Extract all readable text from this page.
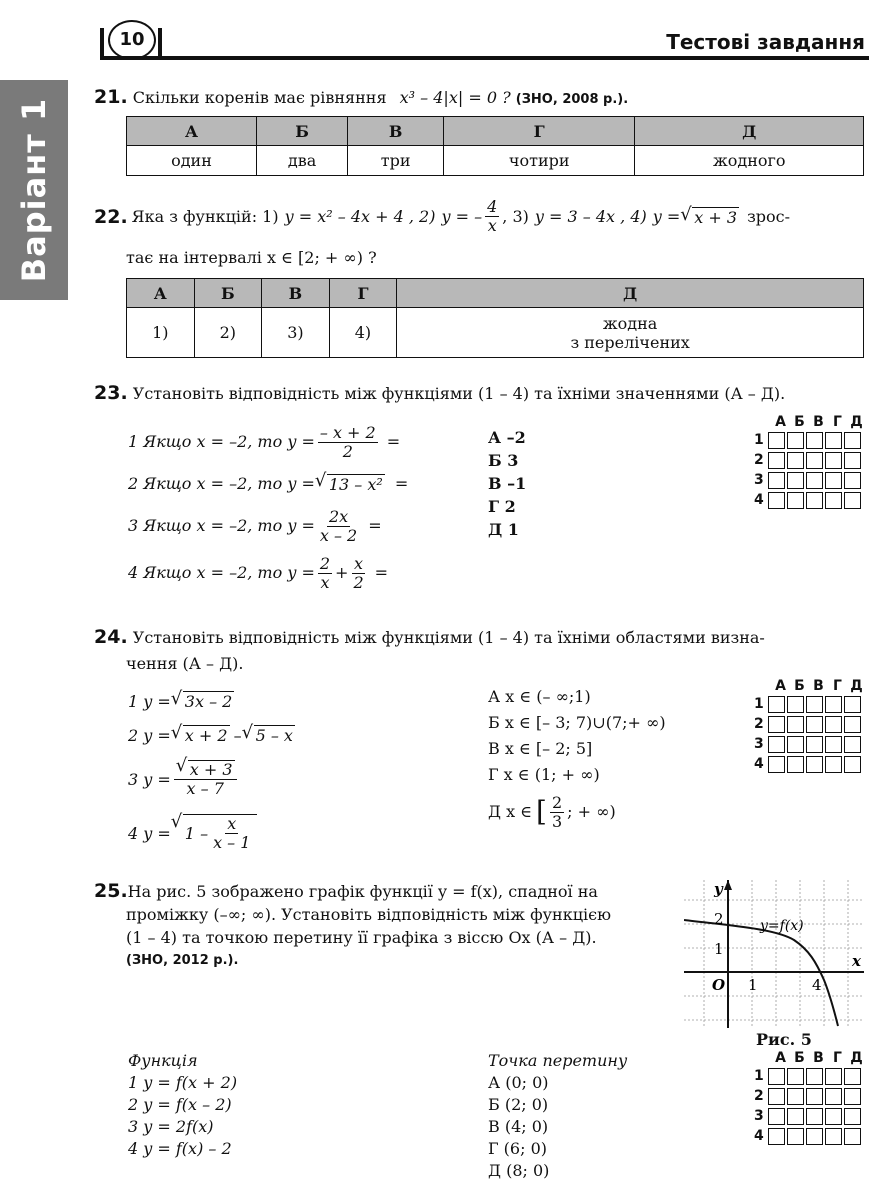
10	Тестові завдання
Варіант 1
21. Скільки коренів має рівняння x³ – 4|x| = 0 ? (ЗНО, 2008 р.).
А	Б	В	Г	Д
один	два	три	чотири	жодного
22. Яка з функцій: 1) y = x² – 4x + 4 , 2) y = – $\frac{4}{x}$ , 3) y = 3 – 4x , 4) y = √ x + 3 зрос-
тає на інтервалі x ∈ [2; + ∞) ?
А	Б	В	Г	Д
1)	2)	3)	4)	жодна
з перелічених
23. Установіть відповідність між функціями (1 – 4) та їхніми значеннями (А – Д).
1 Якщо x = –2, то $y = \frac{- x + 2}{2}$ =
2 Якщо x = –2, то y = √ 13 – x² =
3 Якщо x = –2, то $y = \frac{2x}{x - 2}$ =
4 Якщо x = –2, то $y = \frac{2}{x} + \frac{x}{2}$ =
А –2
Б 3
В –1
Г 2
Д 1
А Б В Г Д
1
2
3
4
24. Установіть відповідність між функціями (1 – 4) та їхніми областями визна-
чення (А – Д).
1 y = √ 3x – 2
2 y = √ x + 2 – √ 5 – x
3 y = √ $\frac{x + 3}{x - 7}$
4 y = √ $1 - \frac{x}{x - 1}$
А x ∈ (– ∞;1)
Б x ∈ [– 3; 7)∪(7;+ ∞)
В x ∈ [– 2; 5]
Г x ∈ (1; + ∞)
Д x ∈ [ $\frac{2}{3}$ ; + ∞)
А Б В Г Д
1
2
3
4
25.На рис. 5 зображено графік функції y = f(x), спадної на
проміжку (–∞; ∞). Установіть відповідність між функцією
(1 – 4) та точкою перетину її графіка з віссю Ox (А – Д).
(ЗНО, 2012 р.).
y
x
O 1	4
1
2	y=f(x)
Рис. 5
Функція
1 y = f(x + 2)
2 y = f(x – 2)
3 y = 2f(x)
4 y = f(x) – 2
Точка перетину
А (0; 0)
Б (2; 0)
В (4; 0)
Г (6; 0)
Д (8; 0)
А Б В Г Д
1
2
3
4
